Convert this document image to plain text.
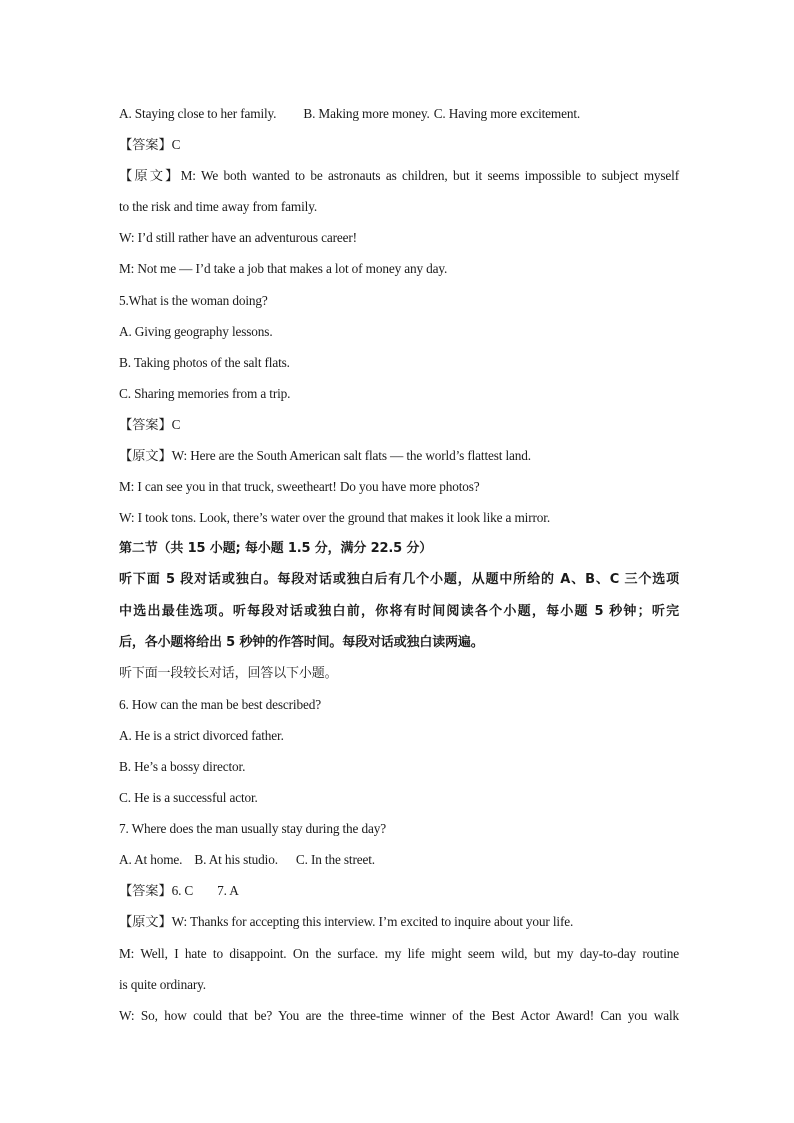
A. Staying close to her family. B. Making more money. C. Having more excitement.
【答案】C
【原文】M: We both wanted to be astronauts as children, but it seems impossible to subject myself
to the risk and time away from family.
W: I’d still rather have an adventurous career!
M: Not me — I’d take a job that makes a lot of money any day.
5.What is the woman doing?
A. Giving geography lessons.
B. Taking photos of the salt flats.
C. Sharing memories from a trip.
【答案】C
【原文】W: Here are the South American salt flats — the world’s flattest land.
M: I can see you in that truck, sweetheart! Do you have more photos?
W: I took tons. Look, there’s water over the ground that makes it look like a mirror.
第二节（共 15 小题; 每小题 1.5 分，满分 22.5 分）
听下面 5 段对话或独白。每段对话或独白后有几个小题，从题中所给的 A、B、C 三个选项
中选出最佳选项。听每段对话或独白前，你将有时间阅读各个小题，每小题 5 秒钟；听完
后，各小题将给出 5 秒钟的作答时间。每段对话或独白读两遍。
听下面一段较长对话，回答以下小题。
6. How can the man be best described?
A. He is a strict divorced father.
B. He’s a bossy director.
C. He is a successful actor.
7. Where does the man usually stay during the day?
A. At home. B. At his studio. C. In the street.
【答案】6. C 7. A
【原文】W: Thanks for accepting this interview. I’m excited to inquire about your life.
M: Well, I hate to disappoint. On the surface. my life might seem wild, but my day-to-day routine
is quite ordinary.
W: So, how could that be? You are the three-time winner of the Best Actor Award! Can you walk
